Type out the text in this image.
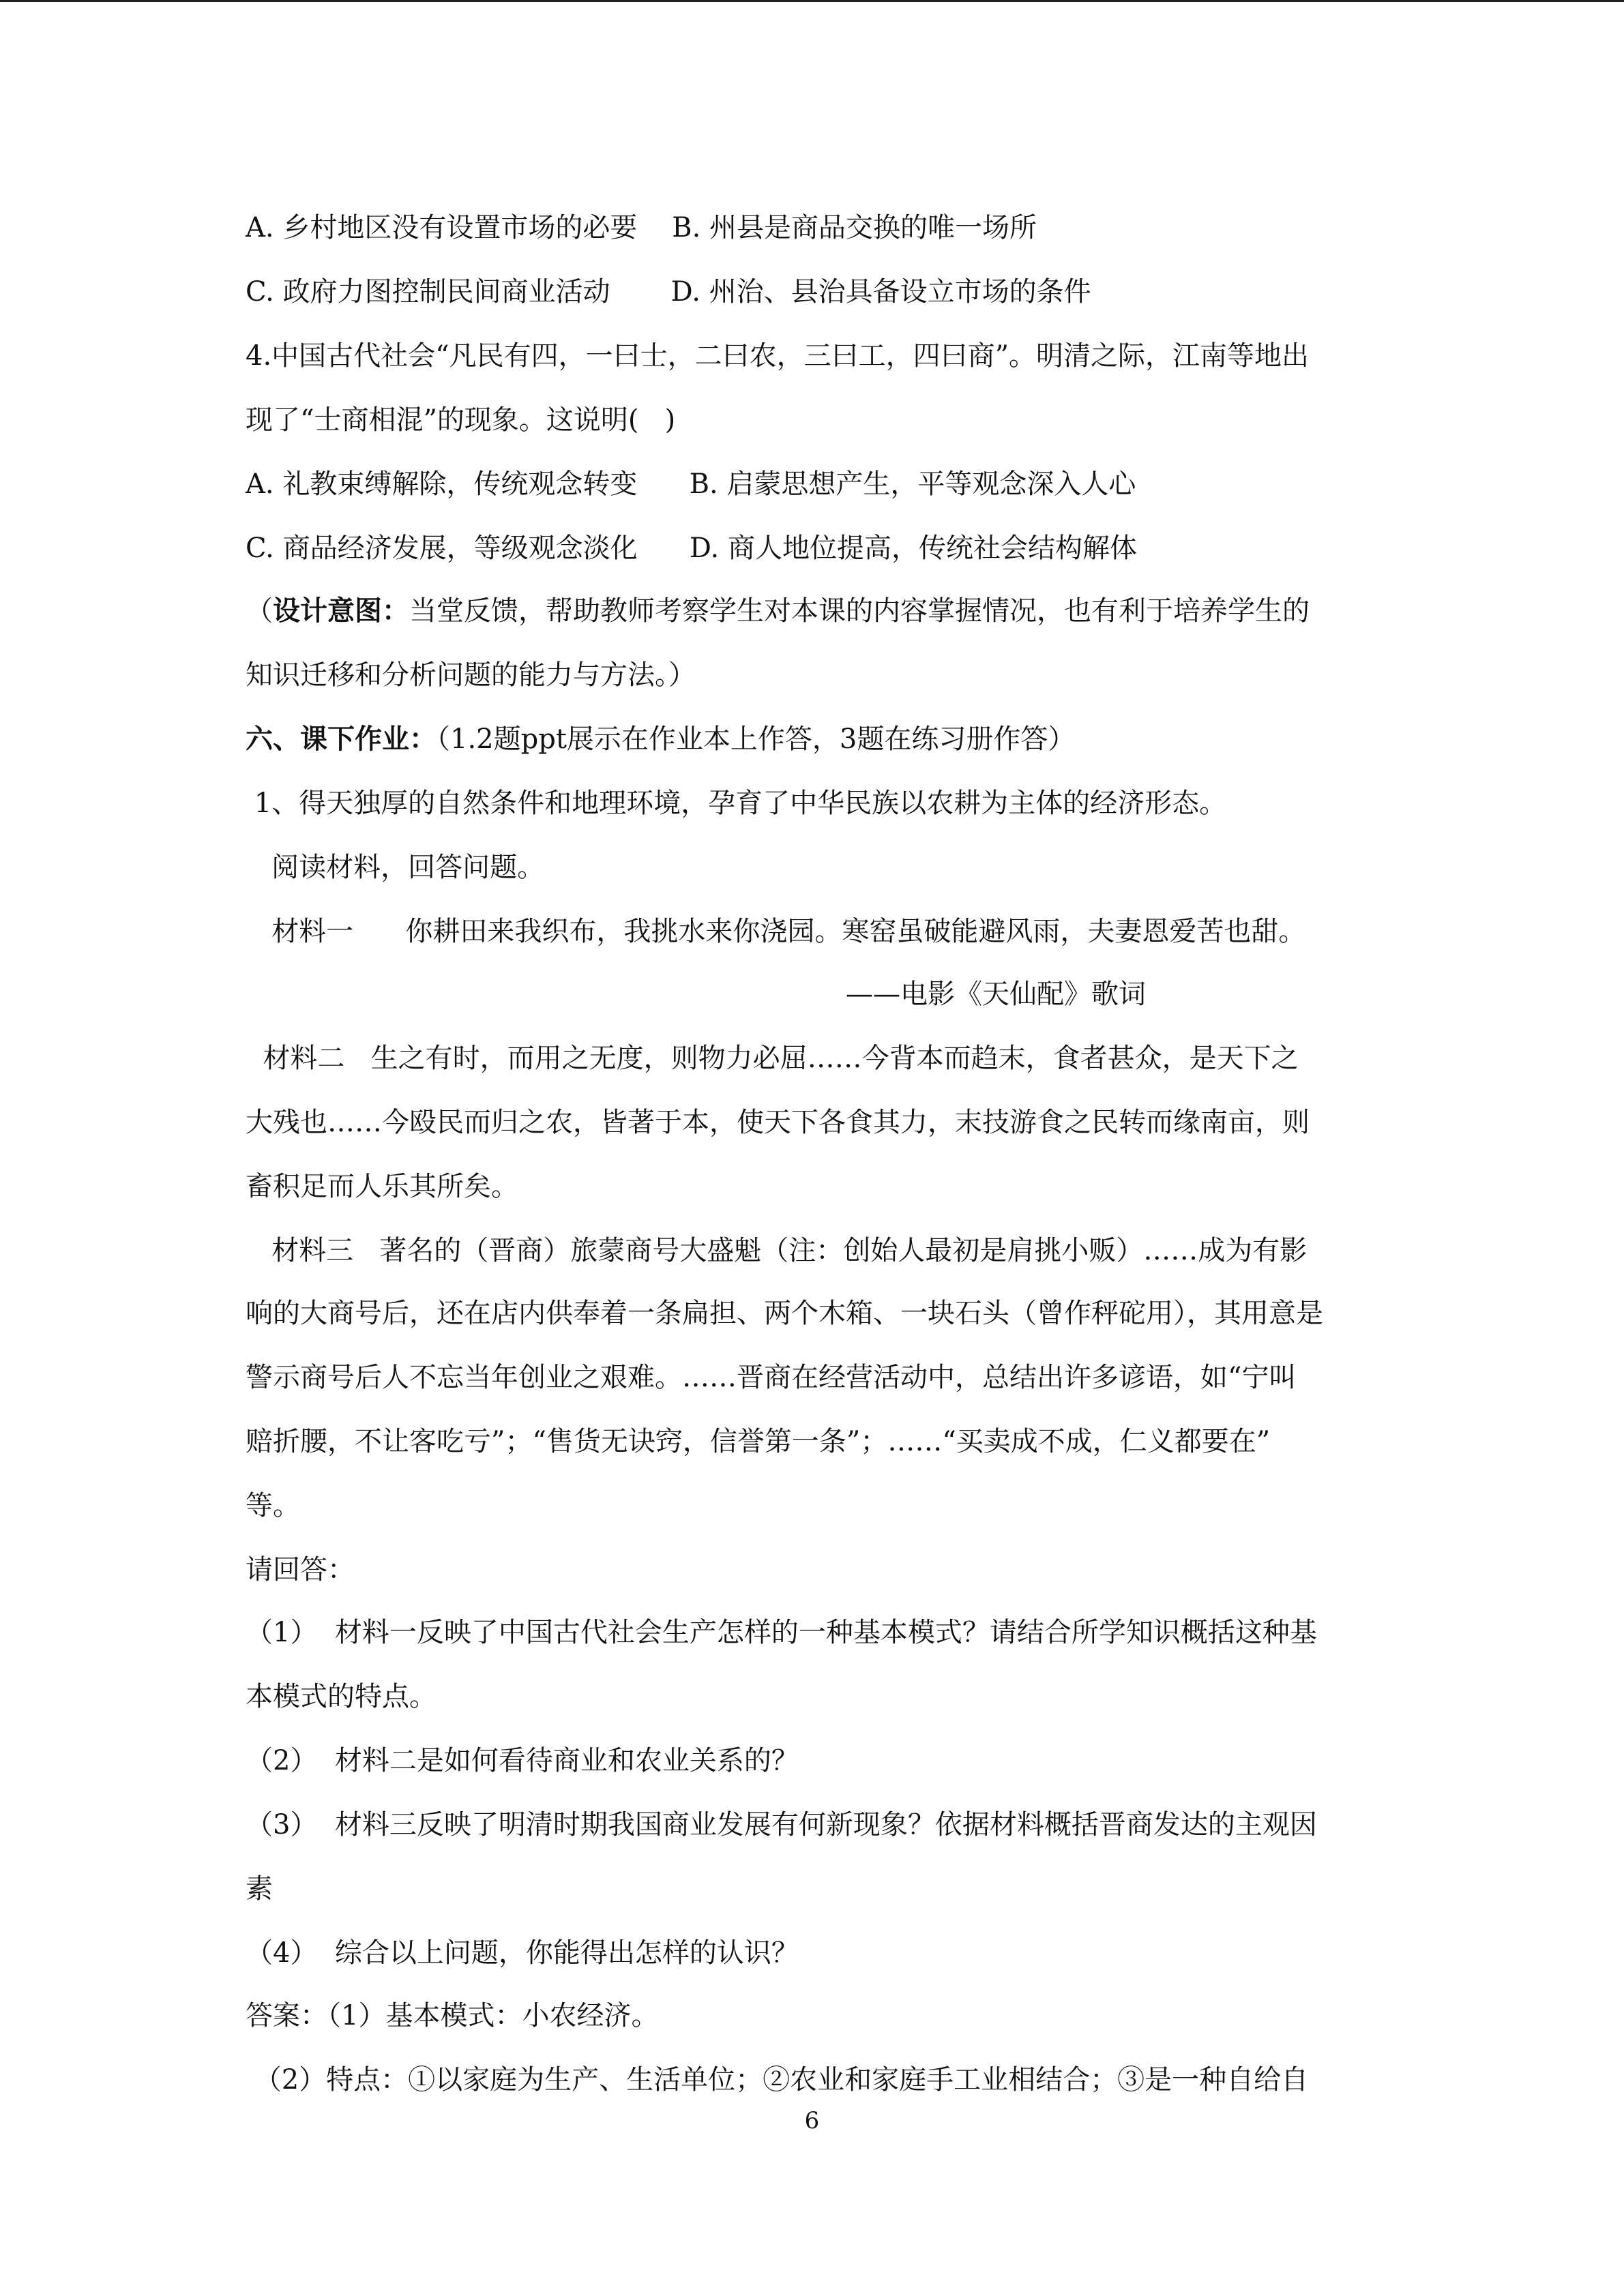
A. 乡村地区没有设置市场的必要    B. 州县是商品交换的唯一场所
C. 政府力图控制民间商业活动       D. 州治、县治具备设立市场的条件
4.中国古代社会“凡民有四，一曰士，二曰农，三曰工，四曰商”。明清之际，江南等地出
现了“士商相混”的现象。这说明(   )
A. 礼教束缚解除，传统观念转变      B. 启蒙思想产生，平等观念深入人心
C. 商品经济发展，等级观念淡化      D. 商人地位提高，传统社会结构解体
（设计意图：当堂反馈，帮助教师考察学生对本课的内容掌握情况，也有利于培养学生的
知识迁移和分析问题的能力与方法。）
六、课下作业：（1.2题ppt展示在作业本上作答，3题在练习册作答）
1、得天独厚的自然条件和地理环境，孕育了中华民族以农耕为主体的经济形态。
阅读材料，回答问题。
材料一      你耕田来我织布，我挑水来你浇园。寒窑虽破能避风雨，夫妻恩爱苦也甜。
——电影《天仙配》歌词
材料二   生之有时，而用之无度，则物力必屈……今背本而趋末，食者甚众，是天下之
大残也……今殴民而归之农，皆著于本，使天下各食其力，末技游食之民转而缘南亩，则
畜积足而人乐其所矣。
材料三   著名的（晋商）旅蒙商号大盛魁（注：创始人最初是肩挑小贩）……成为有影
响的大商号后，还在店内供奉着一条扁担、两个木箱、一块石头（曾作秤砣用），其用意是
警示商号后人不忘当年创业之艰难。……晋商在经营活动中，总结出许多谚语，如“宁叫
赔折腰，不让客吃亏”；“售货无诀窍，信誉第一条”；……“买卖成不成，仁义都要在”
等。
请回答：
（1）  材料一反映了中国古代社会生产怎样的一种基本模式？请结合所学知识概括这种基
本模式的特点。
（2）  材料二是如何看待商业和农业关系的？
（3）  材料三反映了明清时期我国商业发展有何新现象？依据材料概括晋商发达的主观因
素
（4）  综合以上问题，你能得出怎样的认识？
答案：（1）基本模式：小农经济。
（2）特点：①以家庭为生产、生活单位；②农业和家庭手工业相结合；③是一种自给自
6
